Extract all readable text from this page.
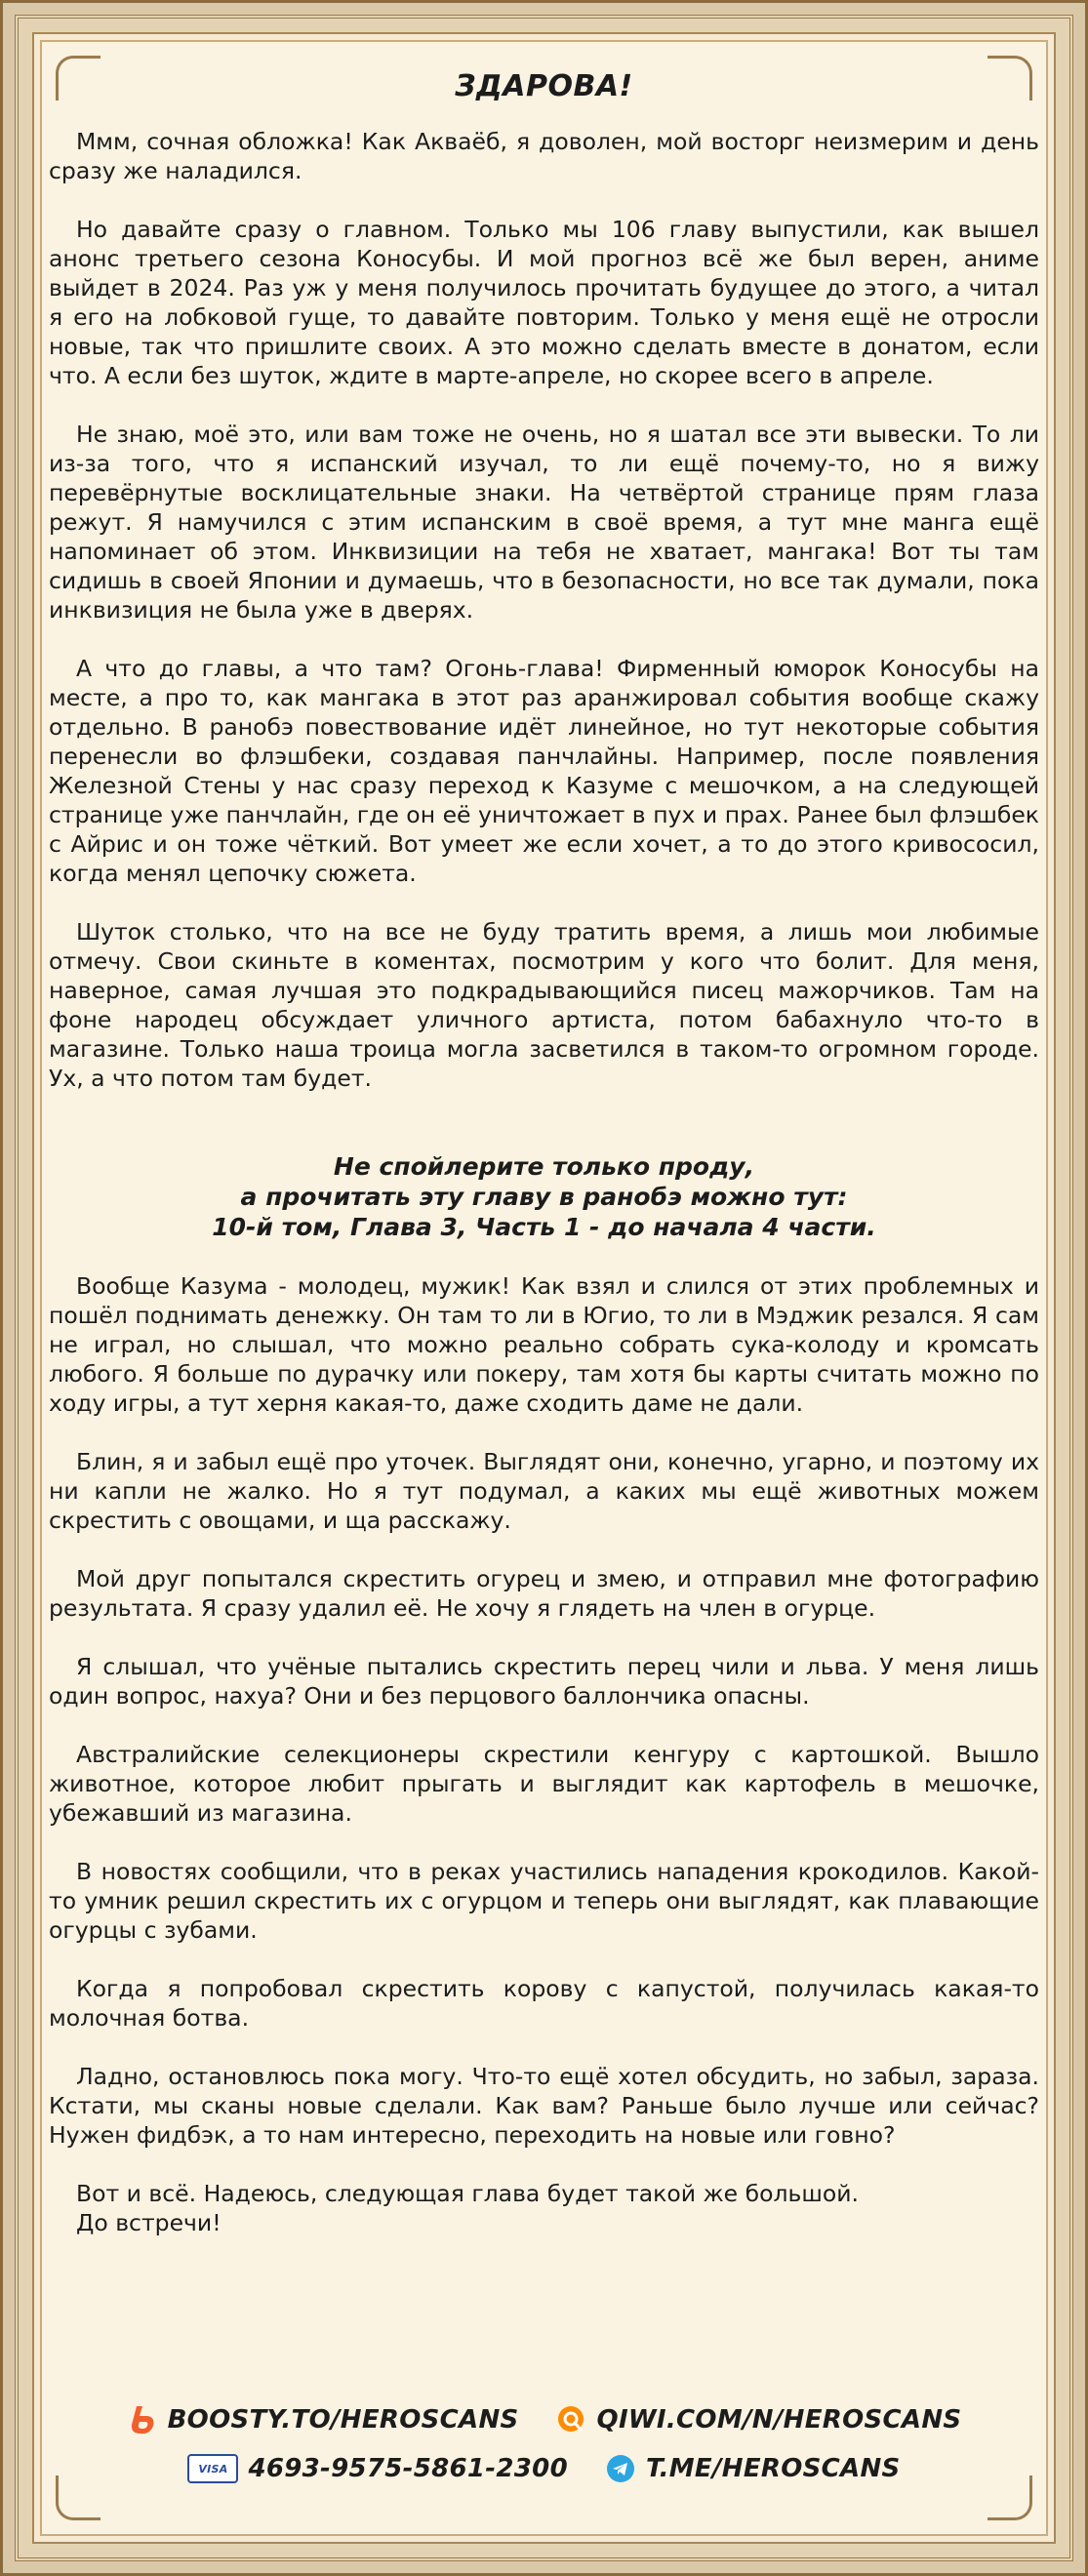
ЗДАРОВА!

Ммм, сочная обложка! Как Акваёб, я доволен, мой восторг неизмерим и день сразу же наладился.

Но давайте сразу о главном. Только мы 106 главу выпустили, как вышел анонс третьего сезона Коносубы. И мой прогноз всё же был верен, аниме выйдет в 2024. Раз уж у меня получилось прочитать будущее до этого, а читал я его на лобковой гуще, то давайте повторим. Только у меня ещё не отросли новые, так что пришлите своих. А это можно сделать вместе в донатом, если что. А если без шуток, ждите в марте-апреле, но скорее всего в апреле.

Не знаю, моё это, или вам тоже не очень, но я шатал все эти вывески. То ли из-за того, что я испанский изучал, то ли ещё почему-то, но я вижу перевёрнутые восклицательные знаки. На четвёртой странице прям глаза режут. Я намучился с этим испанским в своё время, а тут мне манга ещё напоминает об этом. Инквизиции на тебя не хватает, мангака! Вот ты там сидишь в своей Японии и думаешь, что в безопасности, но все так думали, пока инквизиция не была уже в дверях.

А что до главы, а что там? Огонь-глава! Фирменный юморок Коносубы на месте, а про то, как мангака в этот раз аранжировал события вообще скажу отдельно. В ранобэ повествование идёт линейное, но тут некоторые события перенесли во флэшбеки, создавая панчлайны. Например, после появления Железной Стены у нас сразу переход к Казуме с мешочком, а на следующей странице уже панчлайн, где он её уничтожает в пух и прах. Ранее был флэшбек с Айрис и он тоже чёткий. Вот умеет же если хочет, а то до этого кривососил, когда менял цепочку сюжета.

Шуток столько, что на все не буду тратить время, а лишь мои любимые отмечу. Свои скиньте в коментах, посмотрим у кого что болит. Для меня, наверное, самая лучшая это подкрадывающийся писец мажорчиков. Там на фоне народец обсуждает уличного артиста, потом бабахнуло что-то в магазине. Только наша троица могла засветился в таком-то огромном городе. Ух, а что потом там будет.

Не спойлерите только проду,
а прочитать эту главу в ранобэ можно тут:
10-й том, Глава 3, Часть 1 - до начала 4 части.

Вообще Казума - молодец, мужик! Как взял и слился от этих проблемных и пошёл поднимать денежку. Он там то ли в Югио, то ли в Мэджик резался. Я сам не играл, но слышал, что можно реально собрать сука-колоду и кромсать любого. Я больше по дурачку или покеру, там хотя бы карты считать можно по ходу игры, а тут херня какая-то, даже сходить даме не дали.

Блин, я и забыл ещё про уточек. Выглядят они, конечно, угарно, и поэтому их ни капли не жалко. Но я тут подумал, а каких мы ещё животных можем скрестить с овощами, и ща расскажу.

Мой друг попытался скрестить огурец и змею, и отправил мне фотографию результата. Я сразу удалил её. Не хочу я глядеть на член в огурце.

Я слышал, что учёные пытались скрестить перец чили и льва. У меня лишь один вопрос, нахуа? Они и без перцового баллончика опасны.

Австралийские селекционеры скрестили кенгуру с картошкой. Вышло животное, которое любит прыгать и выглядит как картофель в мешочке, убежавший из магазина.

В новостях сообщили, что в реках участились нападения крокодилов. Какой-то умник решил скрестить их с огурцом и теперь они выглядят, как плавающие огурцы с зубами.

Когда я попробовал скрестить корову с капустой, получилась какая-то молочная ботва.

Ладно, остановлюсь пока могу. Что-то ещё хотел обсудить, но забыл, зараза. Кстати, мы сканы новые сделали. Как вам? Раньше было лучше или сейчас? Нужен фидбэк, а то нам интересно, переходить на новые или говно?

Вот и всё. Надеюсь, следующая глава будет такой же большой.
До встречи!
BOOSTY.TO/HEROSCANS	QIWI.COM/N/HEROSCANS
VISA 4693-9575-5861-2300	T.ME/HEROSCANS
